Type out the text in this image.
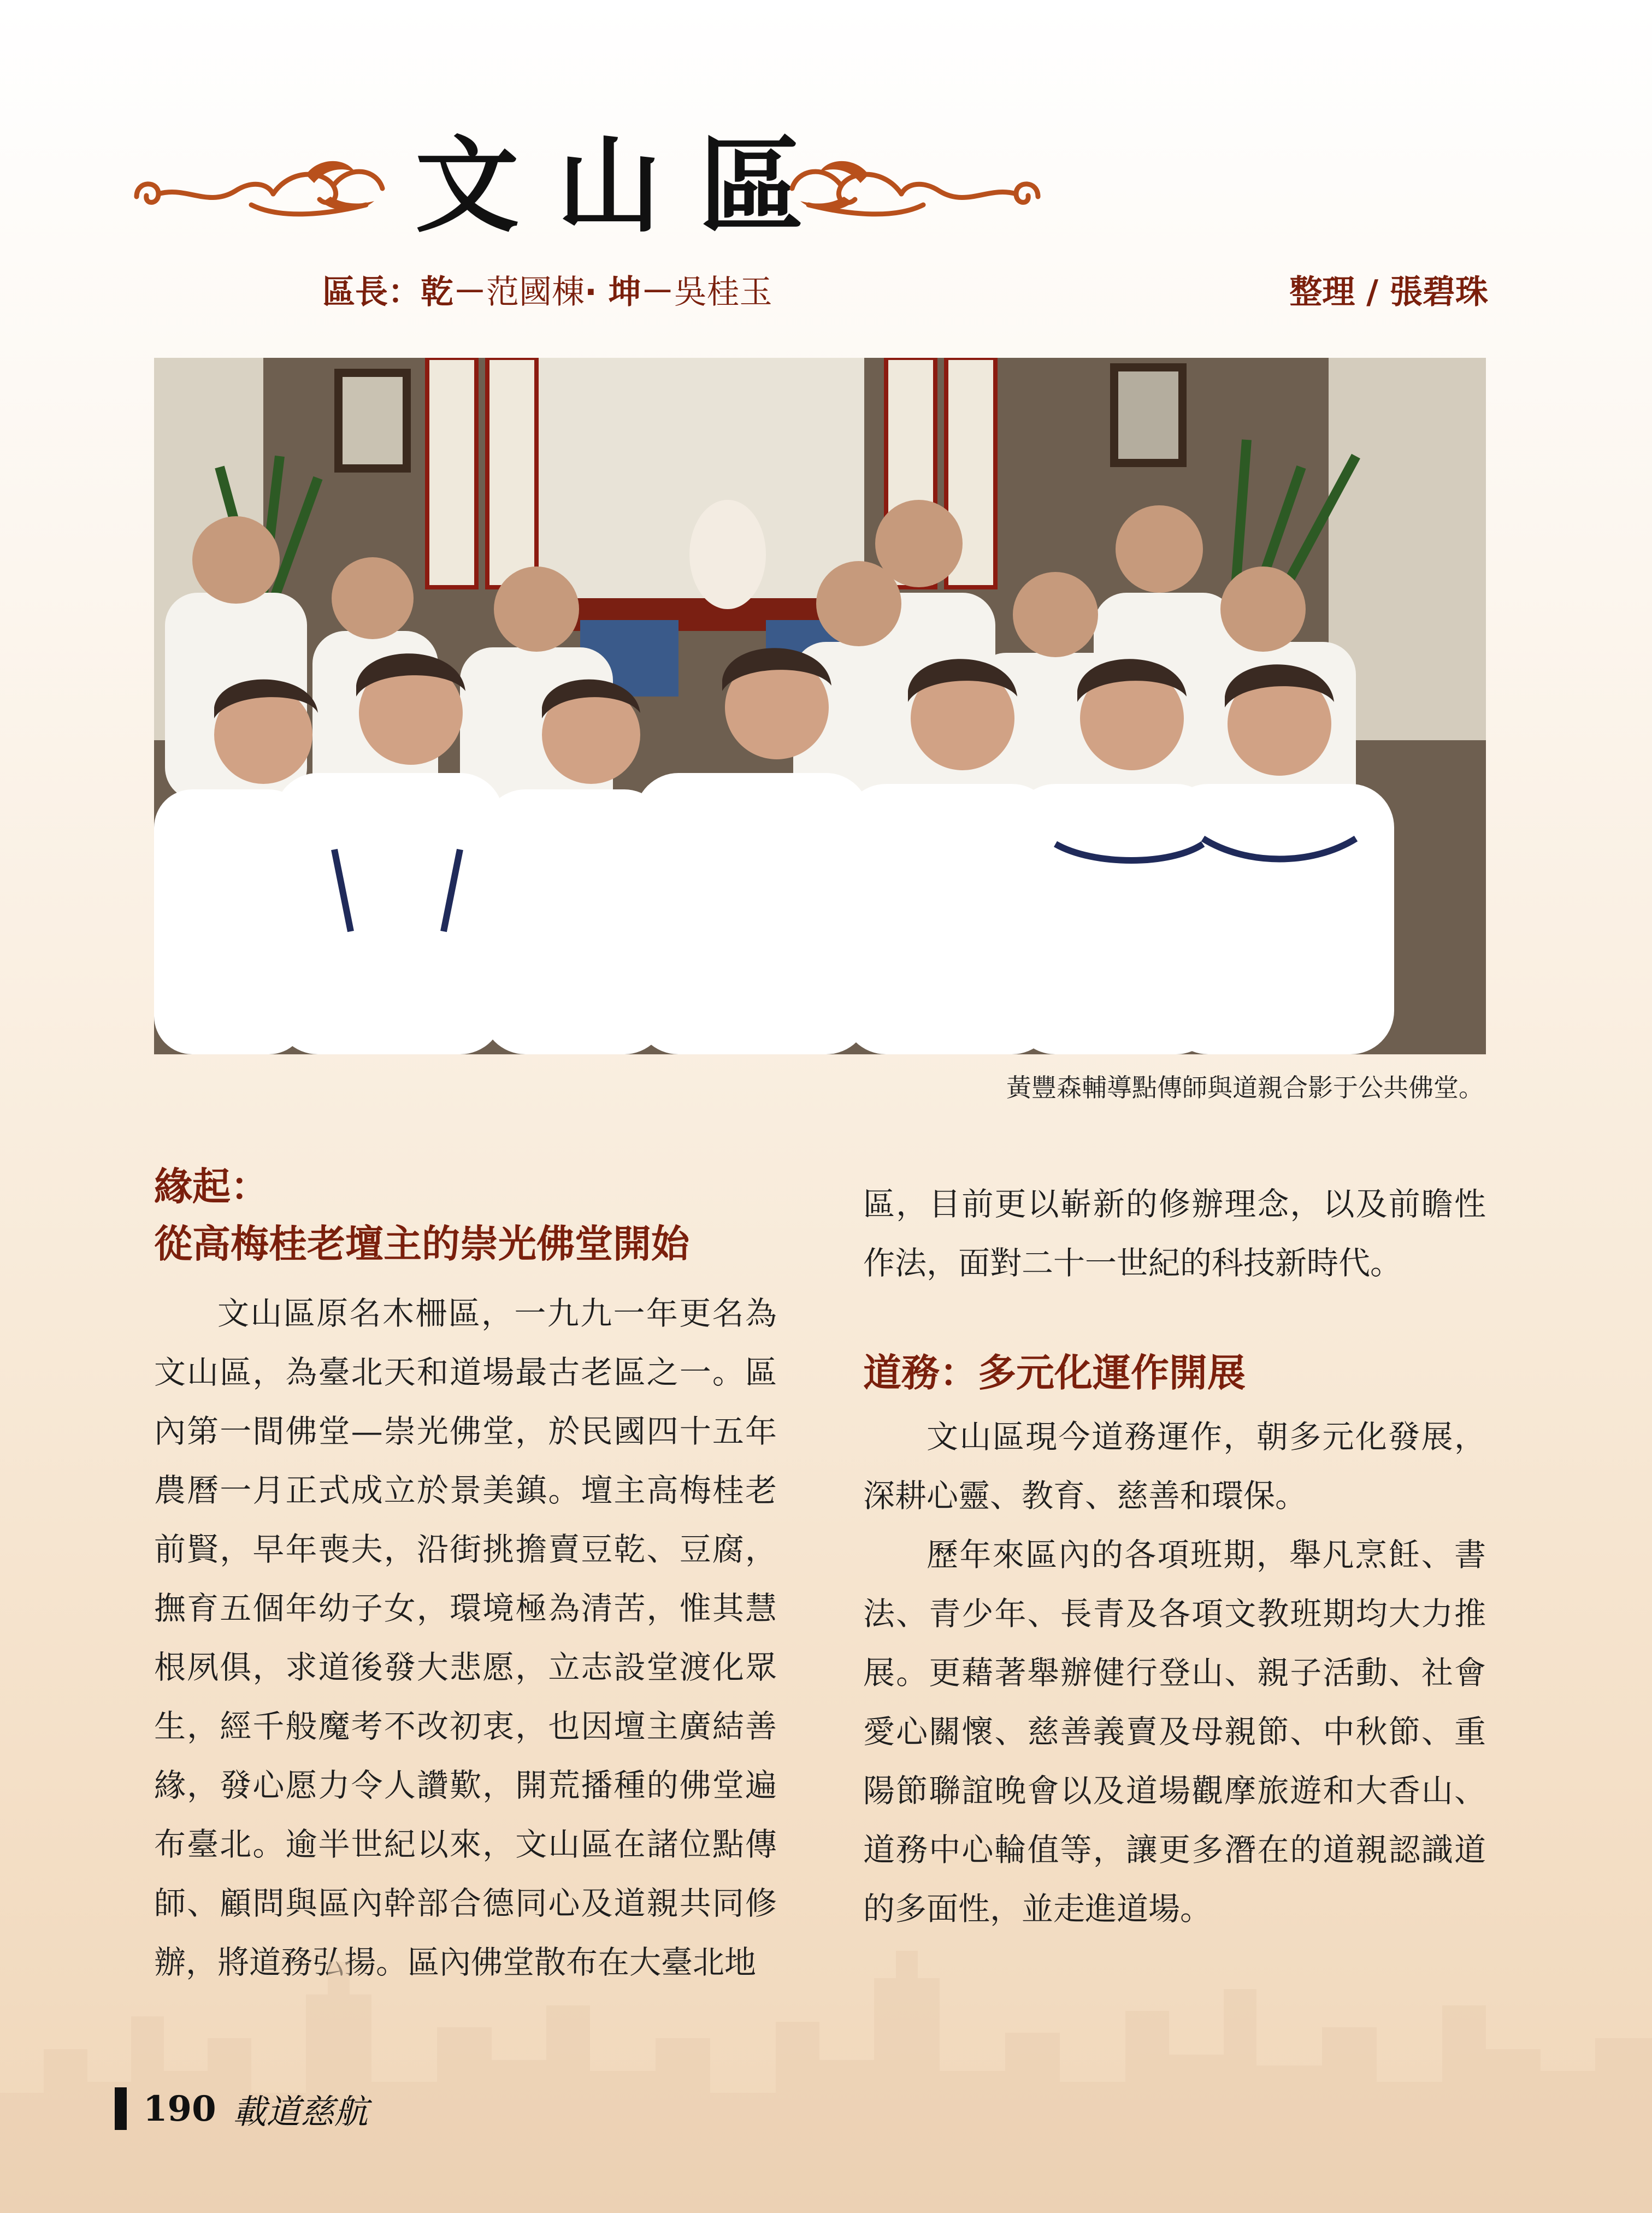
文山區
區長：乾－范國棟· 坤－吳桂玉	整理 / 張碧珠
黃豐森輔導點傳師與道親合影于公共佛堂。
緣起：
從高梅桂老壇主的崇光佛堂開始

文山區原名木柵區，一九九一年更名為文山區，為臺北天和道場最古老區之一。區內第一間佛堂—崇光佛堂，於民國四十五年農曆一月正式成立於景美鎮。壇主高梅桂老前賢，早年喪夫，沿街挑擔賣豆乾、豆腐，撫育五個年幼子女，環境極為清苦，惟其慧根夙俱，求道後發大悲愿，立志設堂渡化眾生，經千般魔考不改初衷，也因壇主廣結善緣，發心愿力令人讚歎，開荒播種的佛堂遍布臺北。逾半世紀以來，文山區在諸位點傳師、顧問與區內幹部合德同心及道親共同修辦，將道務弘揚。區內佛堂散布在大臺北地

區，目前更以嶄新的修辦理念，以及前瞻性作法，面對二十一世紀的科技新時代。

道務：多元化運作開展

文山區現今道務運作，朝多元化發展，深耕心靈、教育、慈善和環保。

歷年來區內的各項班期，舉凡烹飪、書法、青少年、長青及各項文教班期均大力推展。更藉著舉辦健行登山、親子活動、社會愛心關懷、慈善義賣及母親節、中秋節、重陽節聯誼晚會以及道場觀摩旅遊和大香山、道務中心輪值等，讓更多潛在的道親認識道的多面性，並走進道場。

190 載道慈航
